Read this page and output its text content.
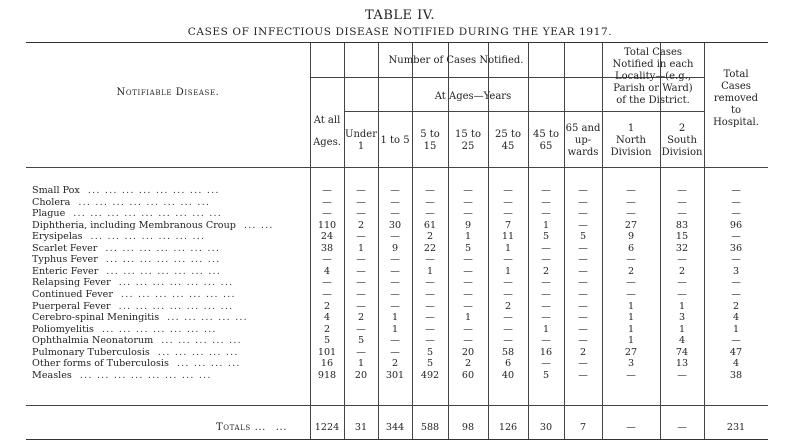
TABLE IV.
CASES OF INFECTIOUS DISEASE NOTIFIED DURING THE YEAR 1917.
Notifiable Disease.
Number of Cases Notified.
At all
Ages.
At Ages—Years
Under
1
1 to 5
5 to
15
15 to
25
25 to
45
45 to
65
65 and
up-
wards
Total Cases
Notified in each
Locality—(e.g.,
Parish or Ward)
of the District.
1
North
Division
2
South
Division
Total
Cases
removed
to
Hospital.
Small Pox ... ... ... ... ... ... ... ...	—	—	—	—	—	—	—	—	—	—	—
Cholera ... ... ... ... ... ... ... ...	—	—	—	—	—	—	—	—	—	—	—
Plague ... ... ... ... ... ... ... ... ...	—	—	—	—	—	—	—	—	—	—	—
Diphtheria, including Membranous Croup ... ...	110	2	30	61	9	7	1	—	27	83	96
Erysipelas ... ... ... ... ... ... ...	24	—	—	2	1	11	5	5	9	15	—
Scarlet Fever ... ... ... ... ... ... ...	38	1	9	22	5	1	—	—	6	32	36
Typhus Fever ... ... ... ... ... ... ...	—	—	—	—	—	—	—	—	—	—	—
Enteric Fever ... ... ... ... ... ... ...	4	—	—	1	—	1	2	—	2	2	3
Relapsing Fever ... ... ... ... ... ... ...	—	—	—	—	—	—	—	—	—	—	—
Continued Fever ... ... ... ... ... ... ...	—	—	—	—	—	—	—	—	—	—	—
Puerperal Fever ... ... ... ... ... ... ...	2	—	—	—	—	2	—	—	1	1	2
Cerebro-spinal Meningitis ... ... ... ... ...	4	2	1	—	1	—	—	—	1	3	4
Poliomyelitis ... ... ... ... ... ... ...	2	—	1	—	—	—	1	—	1	1	1
Ophthalmia Neonatorum ... ... ... ... ...	5	5	—	—	—	—	—	—	1	4	—
Pulmonary Tuberculosis ... ... ... ... ...	101	—	—	5	20	58	16	2	27	74	47
Other forms of Tuberculosis ... ... ... ...	16	1	2	5	2	6	—	—	3	13	4
Measles ... ... ... ... ... ... ... ...	918	20	301	492	60	40	5	—	—	—	38
Totals ... ...	1224	31	344	588	98	126	30	7	—	—	231
